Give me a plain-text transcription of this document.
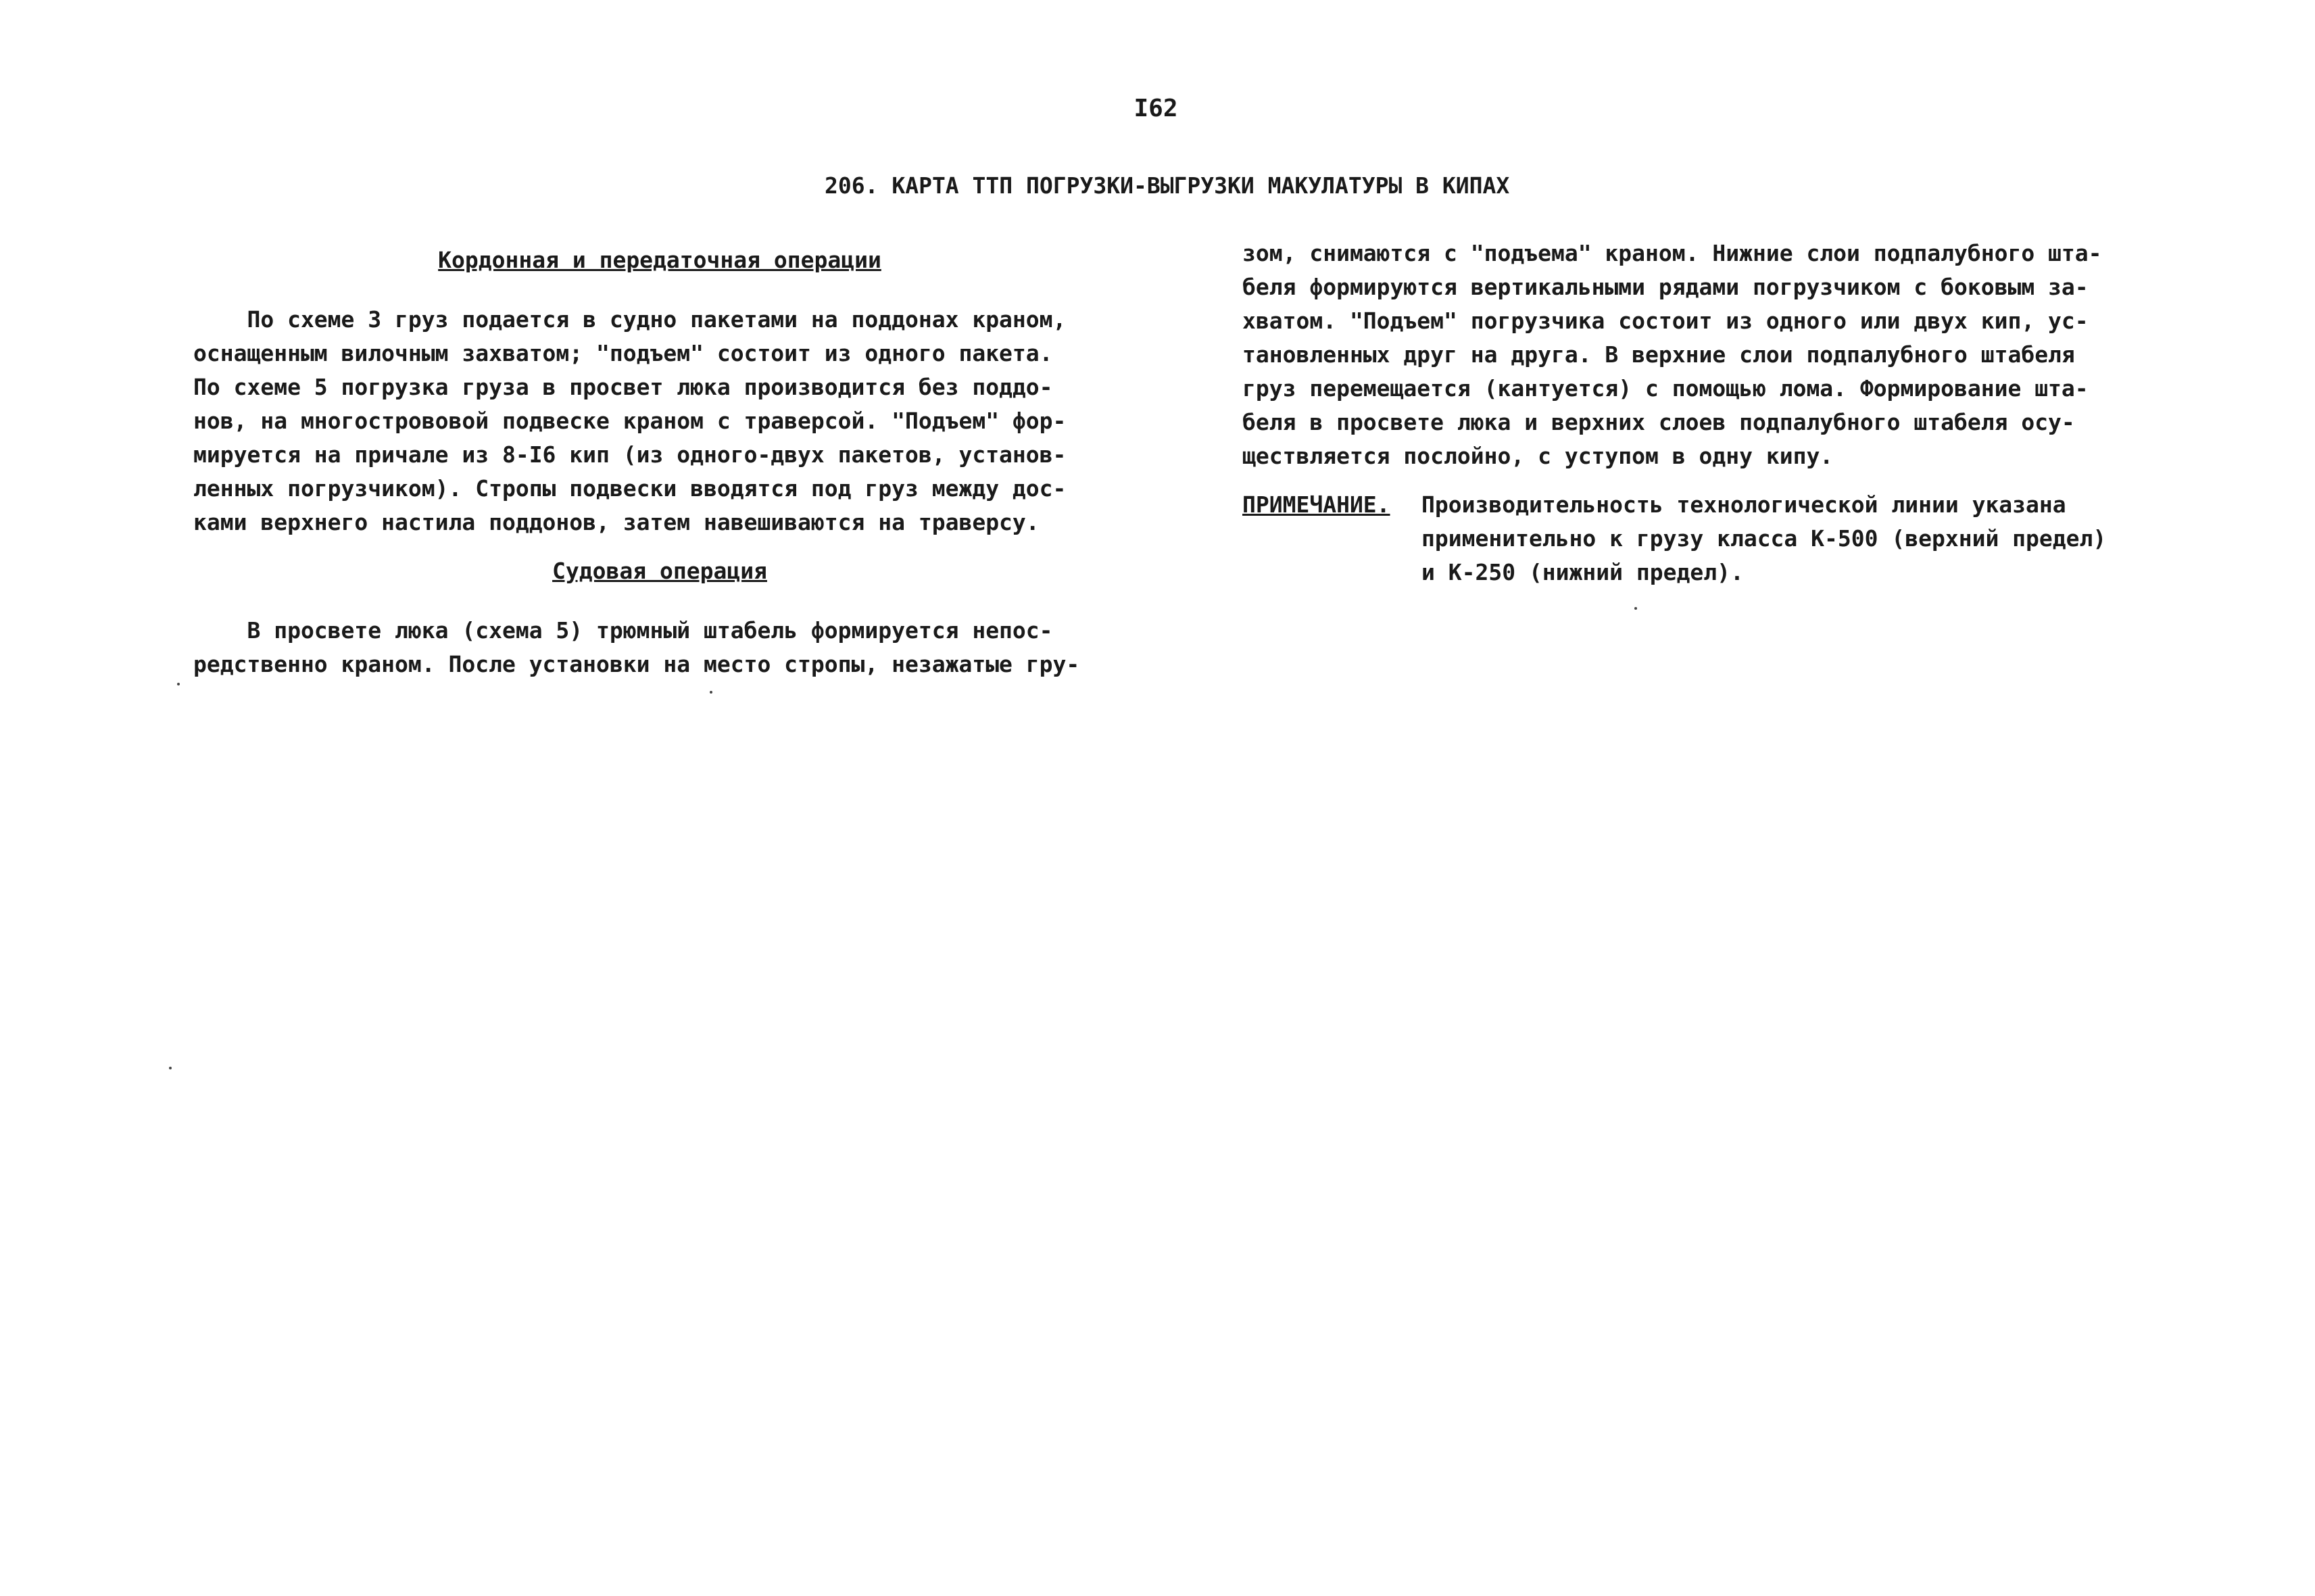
I62
206. КАРТА ТТП ПОГРУЗКИ-ВЫГРУЗКИ МАКУЛАТУРЫ В КИПАХ
Кордонная и передаточная операции
По схеме 3 груз подается в судно пакетами на поддонах краном,
оснащенным вилочным захватом; "подъем" состоит из одного пакета.
По схеме 5 погрузка груза в просвет люка производится без поддо-
нов, на многострововой подвеске краном с траверсой. "Подъем" фор-
мируется на причале из 8-I6 кип (из одного-двух пакетов, установ-
ленных погрузчиком). Стропы подвески вводятся под груз между дос-
ками верхнего настила поддонов, затем навешиваются на траверсу.
Судовая операция
В просвете люка (схема 5) трюмный штабель формируется непос-
редственно краном. После установки на место стропы, незажатые гру-
зом, снимаются с "подъема" краном. Нижние слои подпалубного шта-
беля формируются вертикальными рядами погрузчиком с боковым за-
хватом. "Подъем" погрузчика состоит из одного или двух кип, ус-
тановленных друг на друга. В верхние слои подпалубного штабеля
груз перемещается (кантуется) с помощью лома. Формирование шта-
беля в просвете люка и верхних слоев подпалубного штабеля осу-
ществляется послойно, с уступом в одну кипу.
ПРИМЕЧАНИЕ.	Производительность технологической линии указана
применительно к грузу класса К-500 (верхний предел)
и К-250 (нижний предел).
